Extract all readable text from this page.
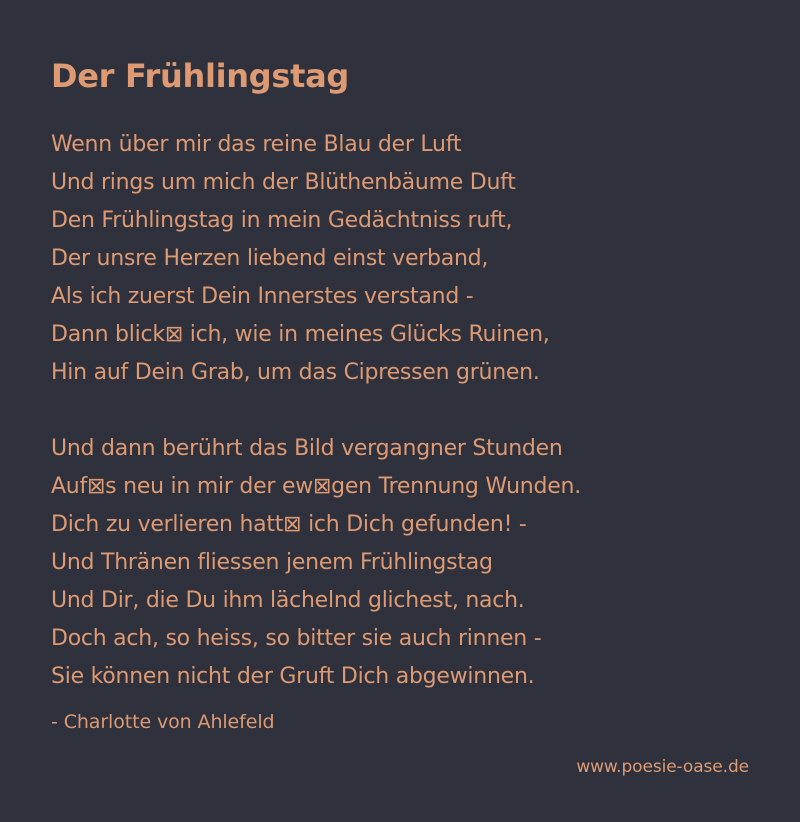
Der Frühlingstag
Wenn über mir das reine Blau der Luft
Und rings um mich der Blüthenbäume Duft
Den Frühlingstag in mein Gedächtniss ruft,
Der unsre Herzen liebend einst verband,
Als ich zuerst Dein Innerstes verstand -
Dann blick⊠ ich, wie in meines Glücks Ruinen,
Hin auf Dein Grab, um das Cipressen grünen.
Und dann berührt das Bild vergangner Stunden
Auf⊠s neu in mir der ew⊠gen Trennung Wunden.
Dich zu verlieren hatt⊠ ich Dich gefunden! -
Und Thränen fliessen jenem Frühlingstag
Und Dir, die Du ihm lächelnd glichest, nach.
Doch ach, so heiss, so bitter sie auch rinnen -
Sie können nicht der Gruft Dich abgewinnen.

- Charlotte von Ahlefeld

www.poesie-oase.de
